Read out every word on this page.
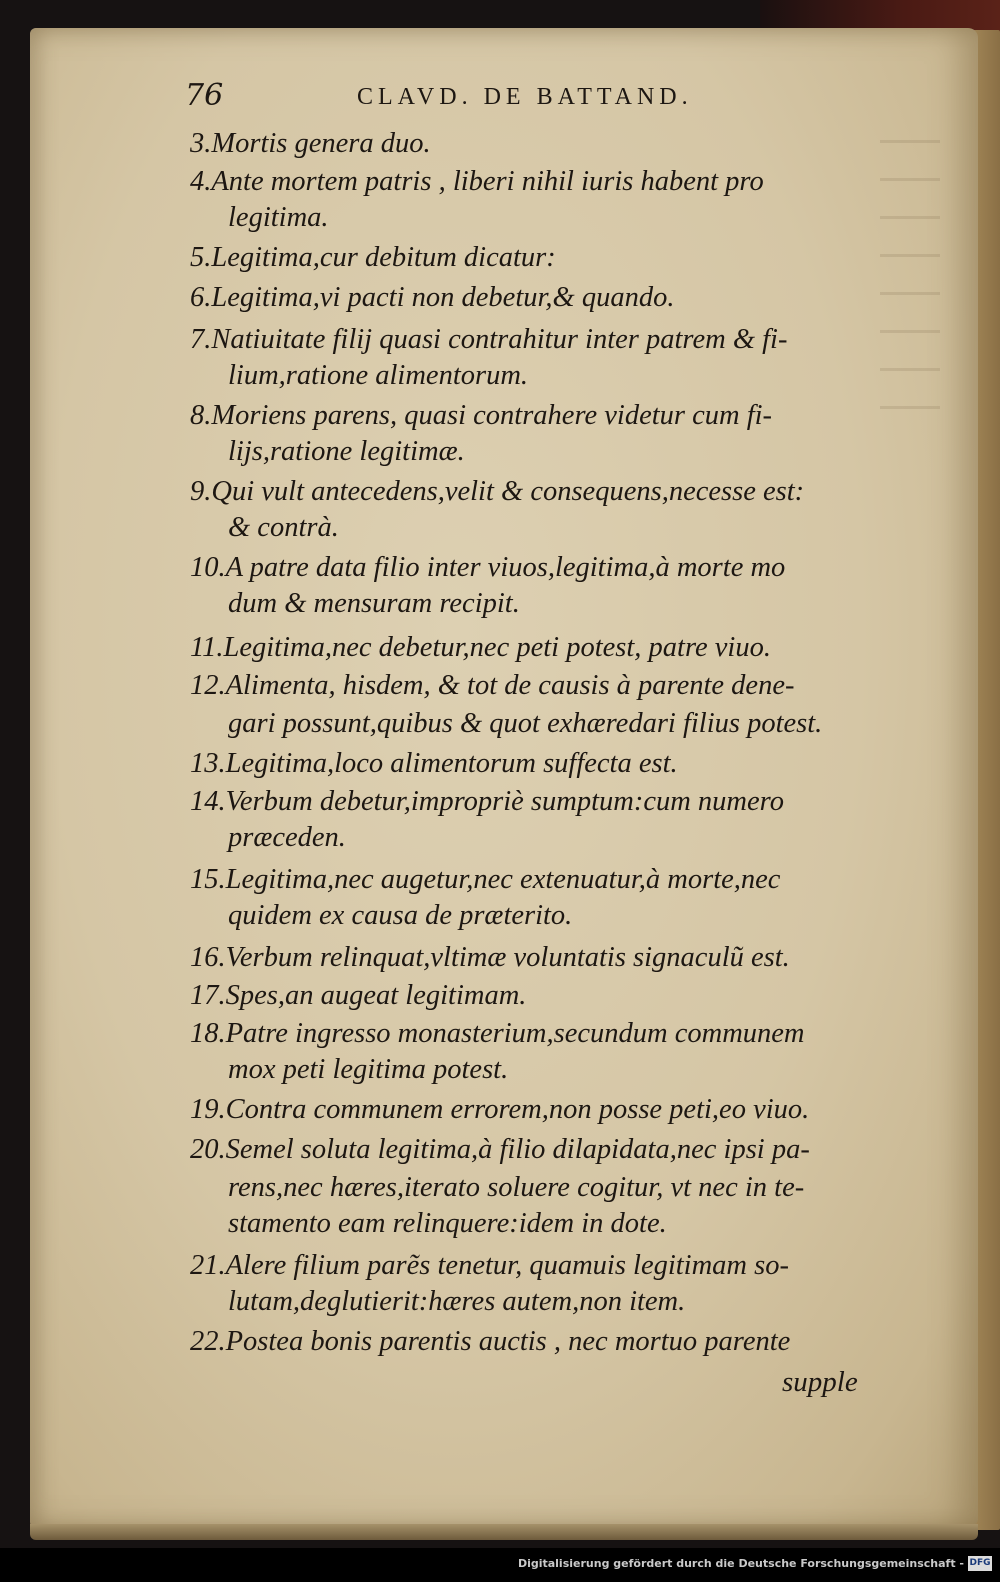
76	CLAVD. DE BATTAND.
3.Mortis genera duo.
4.Ante mortem patris , liberi nihil iuris habent pro
legitima.
5.Legitima,cur debitum dicatur:
6.Legitima,vi pacti non debetur,& quando.
7.Natiuitate filij quasi contrahitur inter patrem & fi-
lium,ratione alimentorum.
8.Moriens parens, quasi contrahere videtur cum fi-
lijs,ratione legitimæ.
9.Qui vult antecedens,velit & consequens,necesse est:
& contrà.
10.A patre data filio inter viuos,legitima,à morte mo
dum & mensuram recipit.
11.Legitima,nec debetur,nec peti potest, patre viuo.
12.Alimenta, hisdem, & tot de causis à parente dene-
gari possunt,quibus & quot exhæredari filius potest.
13.Legitima,loco alimentorum suffecta est.
14.Verbum debetur,impropriè sumptum:cum numero
præceden.
15.Legitima,nec augetur,nec extenuatur,à morte,nec
quidem ex causa de præterito.
16.Verbum relinquat,vltimæ voluntatis signaculũ est.
17.Spes,an augeat legitimam.
18.Patre ingresso monasterium,secundum communem
mox peti legitima potest.
19.Contra communem errorem,non posse peti,eo viuo.
20.Semel soluta legitima,à filio dilapidata,nec ipsi pa-
rens,nec hæres,iterato soluere cogitur, vt nec in te-
stamento eam relinquere:idem in dote.
21.Alere filium parẽs tenetur, quamuis legitimam so-
lutam,deglutierit:hæres autem,non item.
22.Postea bonis parentis auctis , nec mortuo parente
supple
Digitalisierung gefördert durch die Deutsche Forschungsgemeinschaft - DFG
